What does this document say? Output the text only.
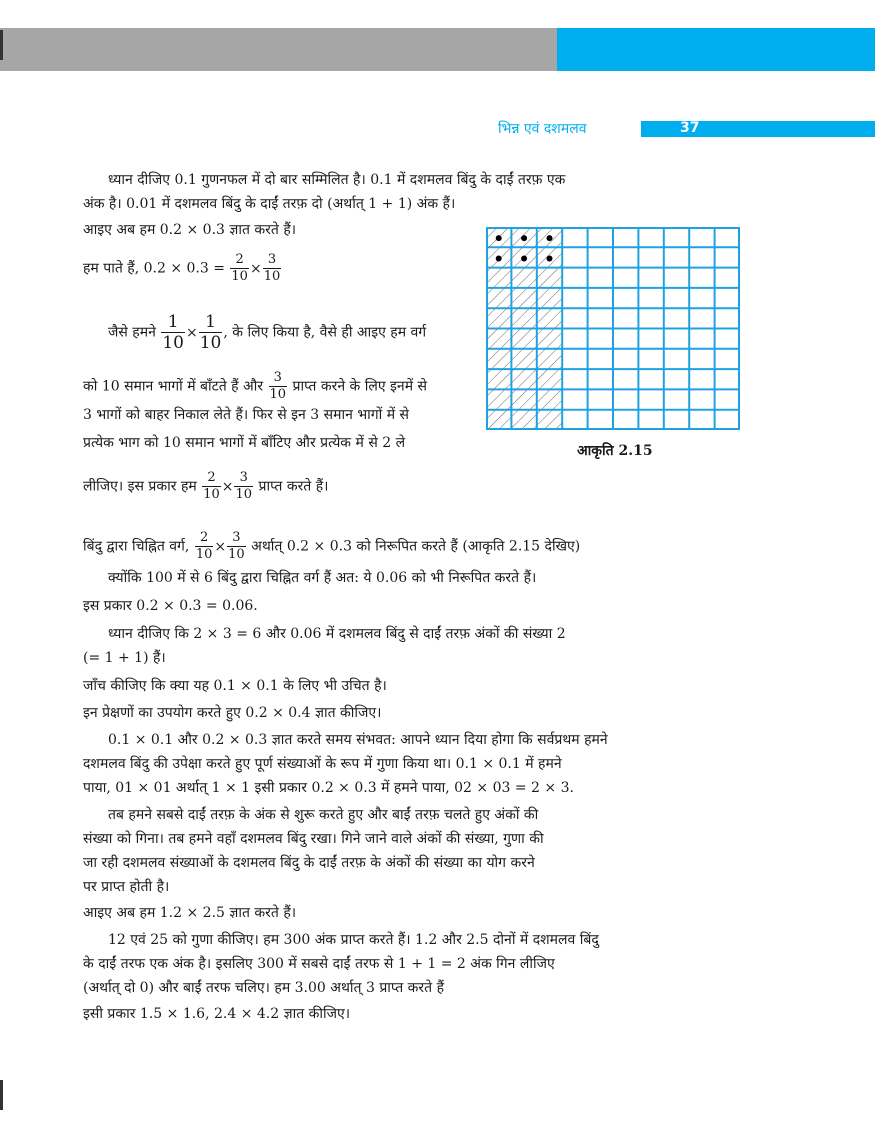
भिन्न एवं दशमलव	37
ध्यान दीजिए 0.1 गुणनफल में दो बार सम्मिलित है। 0.1 में दशमलव बिंदु के दाईं तरफ़ एक
अंक है। 0.01 में दशमलव बिंदु के दाईं तरफ़ दो (अर्थात् 1 + 1) अंक हैं।
आइए अब हम 0.2 × 0.3 ज्ञात करते हैं।
हम पाते हैं, $0.2 \times 0.3 = \frac{2}{10} \times \frac{3}{10}$
जैसे हमने $\frac{1}{10} \times \frac{1}{10}$ , के लिए किया है, वैसे ही आइए हम वर्ग
को 10 समान भागों में बाँटते हैं और $\frac{3}{10}$ प्राप्त करने के लिए इनमें से
3 भागों को बाहर निकाल लेते हैं। फिर से इन 3 समान भागों में से
प्रत्येक भाग को 10 समान भागों में बाँटिए और प्रत्येक में से 2 ले
लीजिए। इस प्रकार हम $\frac{2}{10} \times \frac{3}{10}$ प्राप्त करते हैं।
बिंदु द्वारा चिह्नित वर्ग, $\frac{2}{10} \times \frac{3}{10}$ अर्थात् 0.2 × 0.3 को निरूपित करते हैं (आकृति 2.15 देखिए)
क्योंकि 100 में से 6 बिंदु द्वारा चिह्नित वर्ग हैं अत: ये 0.06 को भी निरूपित करते हैं।
इस प्रकार 0.2 × 0.3 = 0.06.
ध्यान दीजिए कि 2 × 3 = 6 और 0.06 में दशमलव बिंदु से दाईं तरफ़ अंकों की संख्या 2
(= 1 + 1) हैं।
जाँच कीजिए कि क्या यह 0.1 × 0.1 के लिए भी उचित है।
इन प्रेक्षणों का उपयोग करते हुए 0.2 × 0.4 ज्ञात कीजिए।
0.1 × 0.1 और 0.2 × 0.3 ज्ञात करते समय संभवत: आपने ध्यान दिया होगा कि सर्वप्रथम हमने
दशमलव बिंदु की उपेक्षा करते हुए पूर्ण संख्याओं के रूप में गुणा किया था। 0.1 × 0.1 में हमने
पाया, 01 × 01 अर्थात् 1 × 1 इसी प्रकार 0.2 × 0.3 में हमने पाया, 02 × 03 = 2 × 3.
तब हमने सबसे दाईं तरफ़ के अंक से शुरू करते हुए और बाईं तरफ़ चलते हुए अंकों की
संख्या को गिना। तब हमने वहाँ दशमलव बिंदु रखा। गिने जाने वाले अंकों की संख्या, गुणा की
जा रही दशमलव संख्याओं के दशमलव बिंदु के दाईं तरफ़ के अंकों की संख्या का योग करने
पर प्राप्त होती है।
आइए अब हम 1.2 × 2.5 ज्ञात करते हैं।
12 एवं 25 को गुणा कीजिए। हम 300 अंक प्राप्त करते हैं। 1.2 और 2.5 दोनों में दशमलव बिंदु
के दाईं तरफ एक अंक है। इसलिए 300 में सबसे दाईं तरफ से 1 + 1 = 2 अंक गिन लीजिए
(अर्थात् दो 0) और बाईं तरफ चलिए। हम 3.00 अर्थात् 3 प्राप्त करते हैं
इसी प्रकार 1.5 × 1.6, 2.4 × 4.2 ज्ञात कीजिए।
आकृति 2.15
